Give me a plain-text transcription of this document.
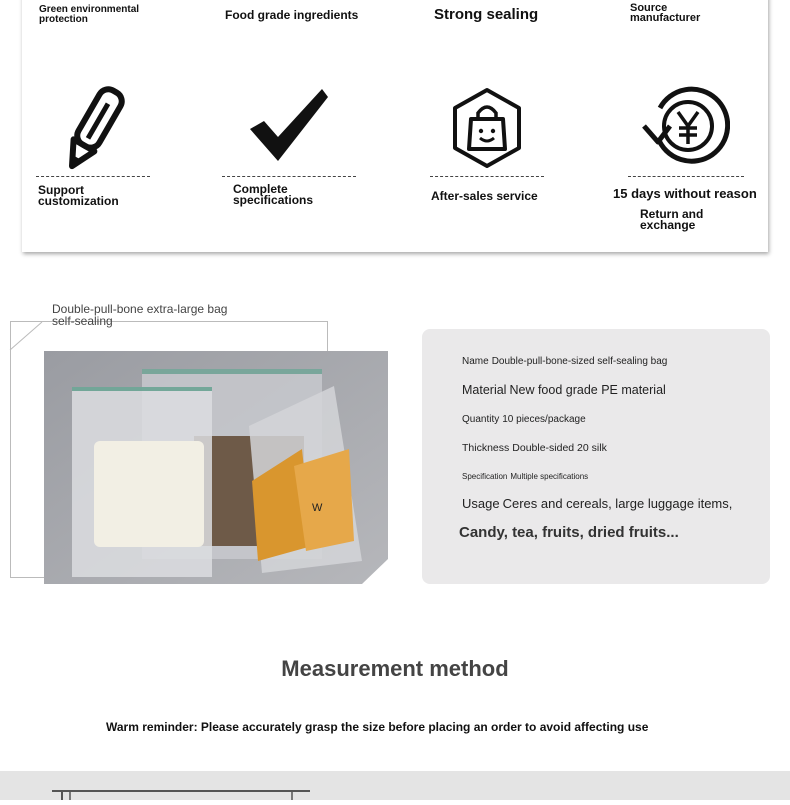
Green environmental protection	Food grade ingredients	Strong sealing	Source manufacturer
Support customization
Complete specifications	After-sales service	15 days without reason
Return and exchange
Double-pull-bone extra-large bag self-sealing
W
Name Double-pull-bone-sized self-sealing bag
Material New food grade PE material
Quantity 10 pieces/package
Thickness Double-sided 20 silk
Specification Multiple specifications
Usage Ceres and cereals, large luggage items,
Candy, tea, fruits, dried fruits...
Measurement method
Warm reminder: Please accurately grasp the size before placing an order to avoid affecting use
